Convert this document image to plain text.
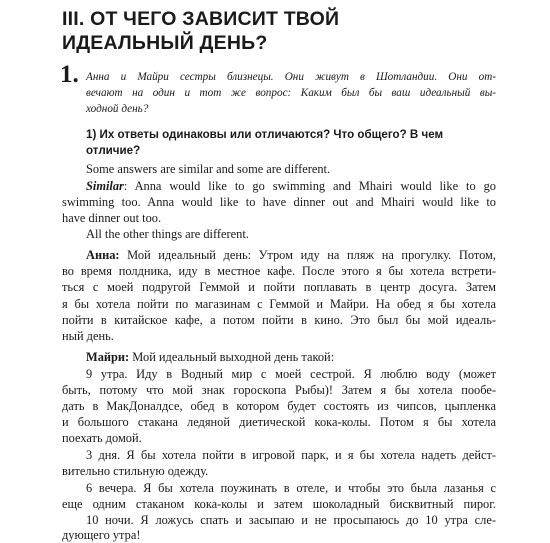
III. ОТ ЧЕГО ЗАВИСИТ ТВОЙ
ИДЕАЛЬНЫЙ ДЕНЬ?
1. Анна и Майри сестры близнецы. Они живут в Шотландии. Они от-
вечают на один и тот же вопрос: Каким был бы ваш идеальный вы-
ходной день?
1) Их ответы одинаковы или отличаются? Что общего? В чем
отличие?
Some answers are similar and some are different.
Similar: Anna would like to go swimming and Mhairi would like to go
swimming too. Anna would like to have dinner out and Mhairi would like to
have dinner out too.
All the other things are different.
Анна: Мой идеальный день: Утром иду на пляж на прогулку. Потом,
во время полдника, иду в местное кафе. После этого я бы хотела встрети-
ться с моей подругой Геммой и пойти поплавать в центр досуга. Затем
я бы хотела пойти по магазинам с Геммой и Майри. На обед я бы хотела
пойти в китайское кафе, а потом пойти в кино. Это был бы мой идеаль-
ный день.
Майри: Мой идеальный выходной день такой:
9 утра. Иду в Водный мир с моей сестрой. Я люблю воду (может
быть, потому что мой знак гороскопа Рыбы)! Затем я бы хотела пообе-
дать в МакДоналдсе, обед в котором будет состоять из чипсов, цыпленка
и большого стакана ледяной диетической кока-колы. Потом я бы хотела
поехать домой.
3 дня. Я бы хотела пойти в игровой парк, и я бы хотела надеть дейст-
вительно стильную одежду.
6 вечера. Я бы хотела поужинать в отеле, и чтобы это была лазанья с
еще одним стаканом кока-колы и затем шоколадный бисквитный пирог.
10 ночи. Я ложусь спать и засыпаю и не просыпаюсь до 10 утра сле-
дующего утра!
